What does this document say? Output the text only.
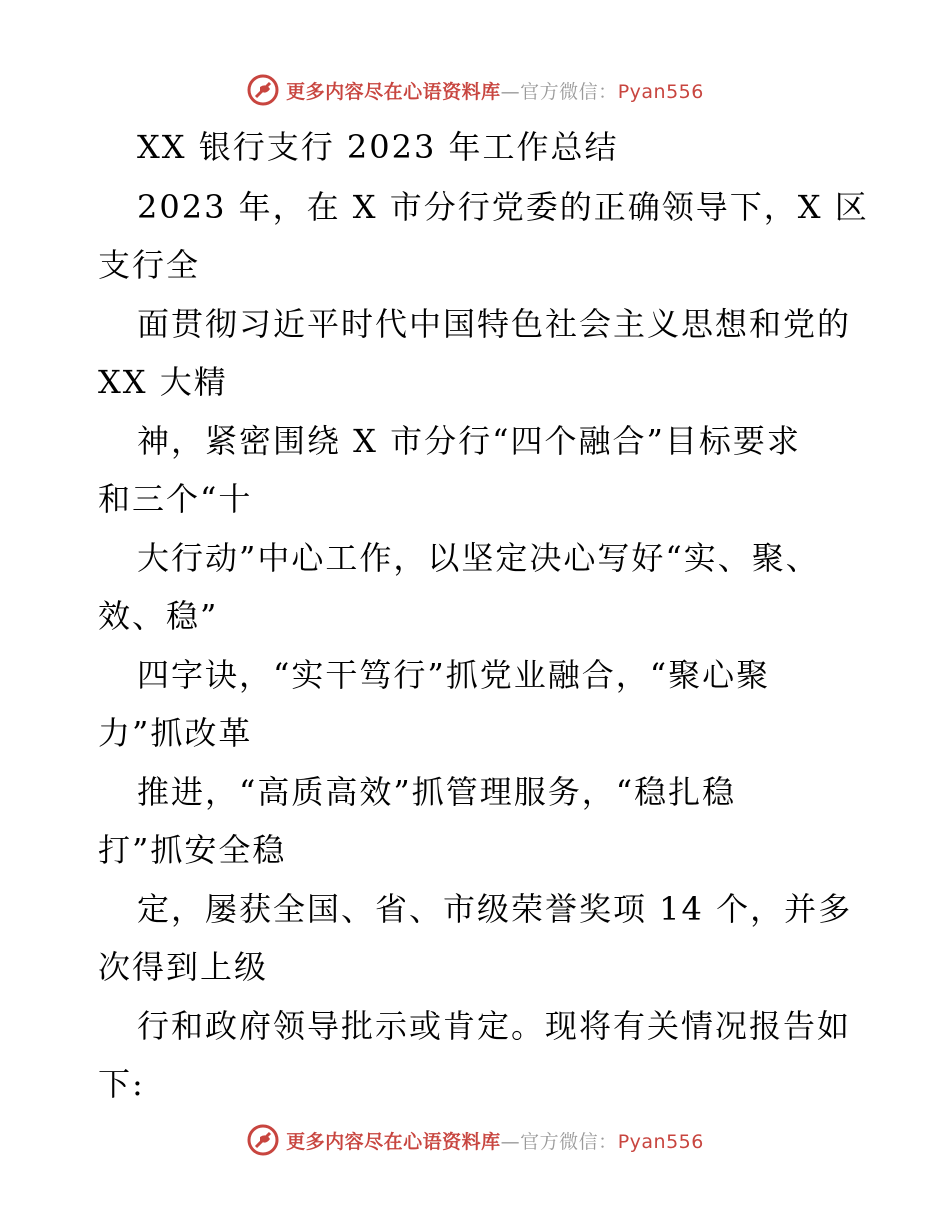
更多内容尽在心语资料库—官方微信：Pyan556
XX 银行支行 2023 年工作总结
2023 年，在 X 市分行党委的正确领导下，X 区
支行全
面贯彻习近平时代中国特色社会主义思想和党的
XX 大精
神，紧密围绕 X 市分行“四个融合”目标要求
和三个“十
大行动”中心工作，以坚定决心写好“实、聚、
效、稳”
四字诀，“实干笃行”抓党业融合，“聚心聚
力”抓改革
推进，“高质高效”抓管理服务，“稳扎稳
打”抓安全稳
定，屡获全国、省、市级荣誉奖项 14 个，并多
次得到上级
行和政府领导批示或肯定。现将有关情况报告如
下:
更多内容尽在心语资料库—官方微信：Pyan556
